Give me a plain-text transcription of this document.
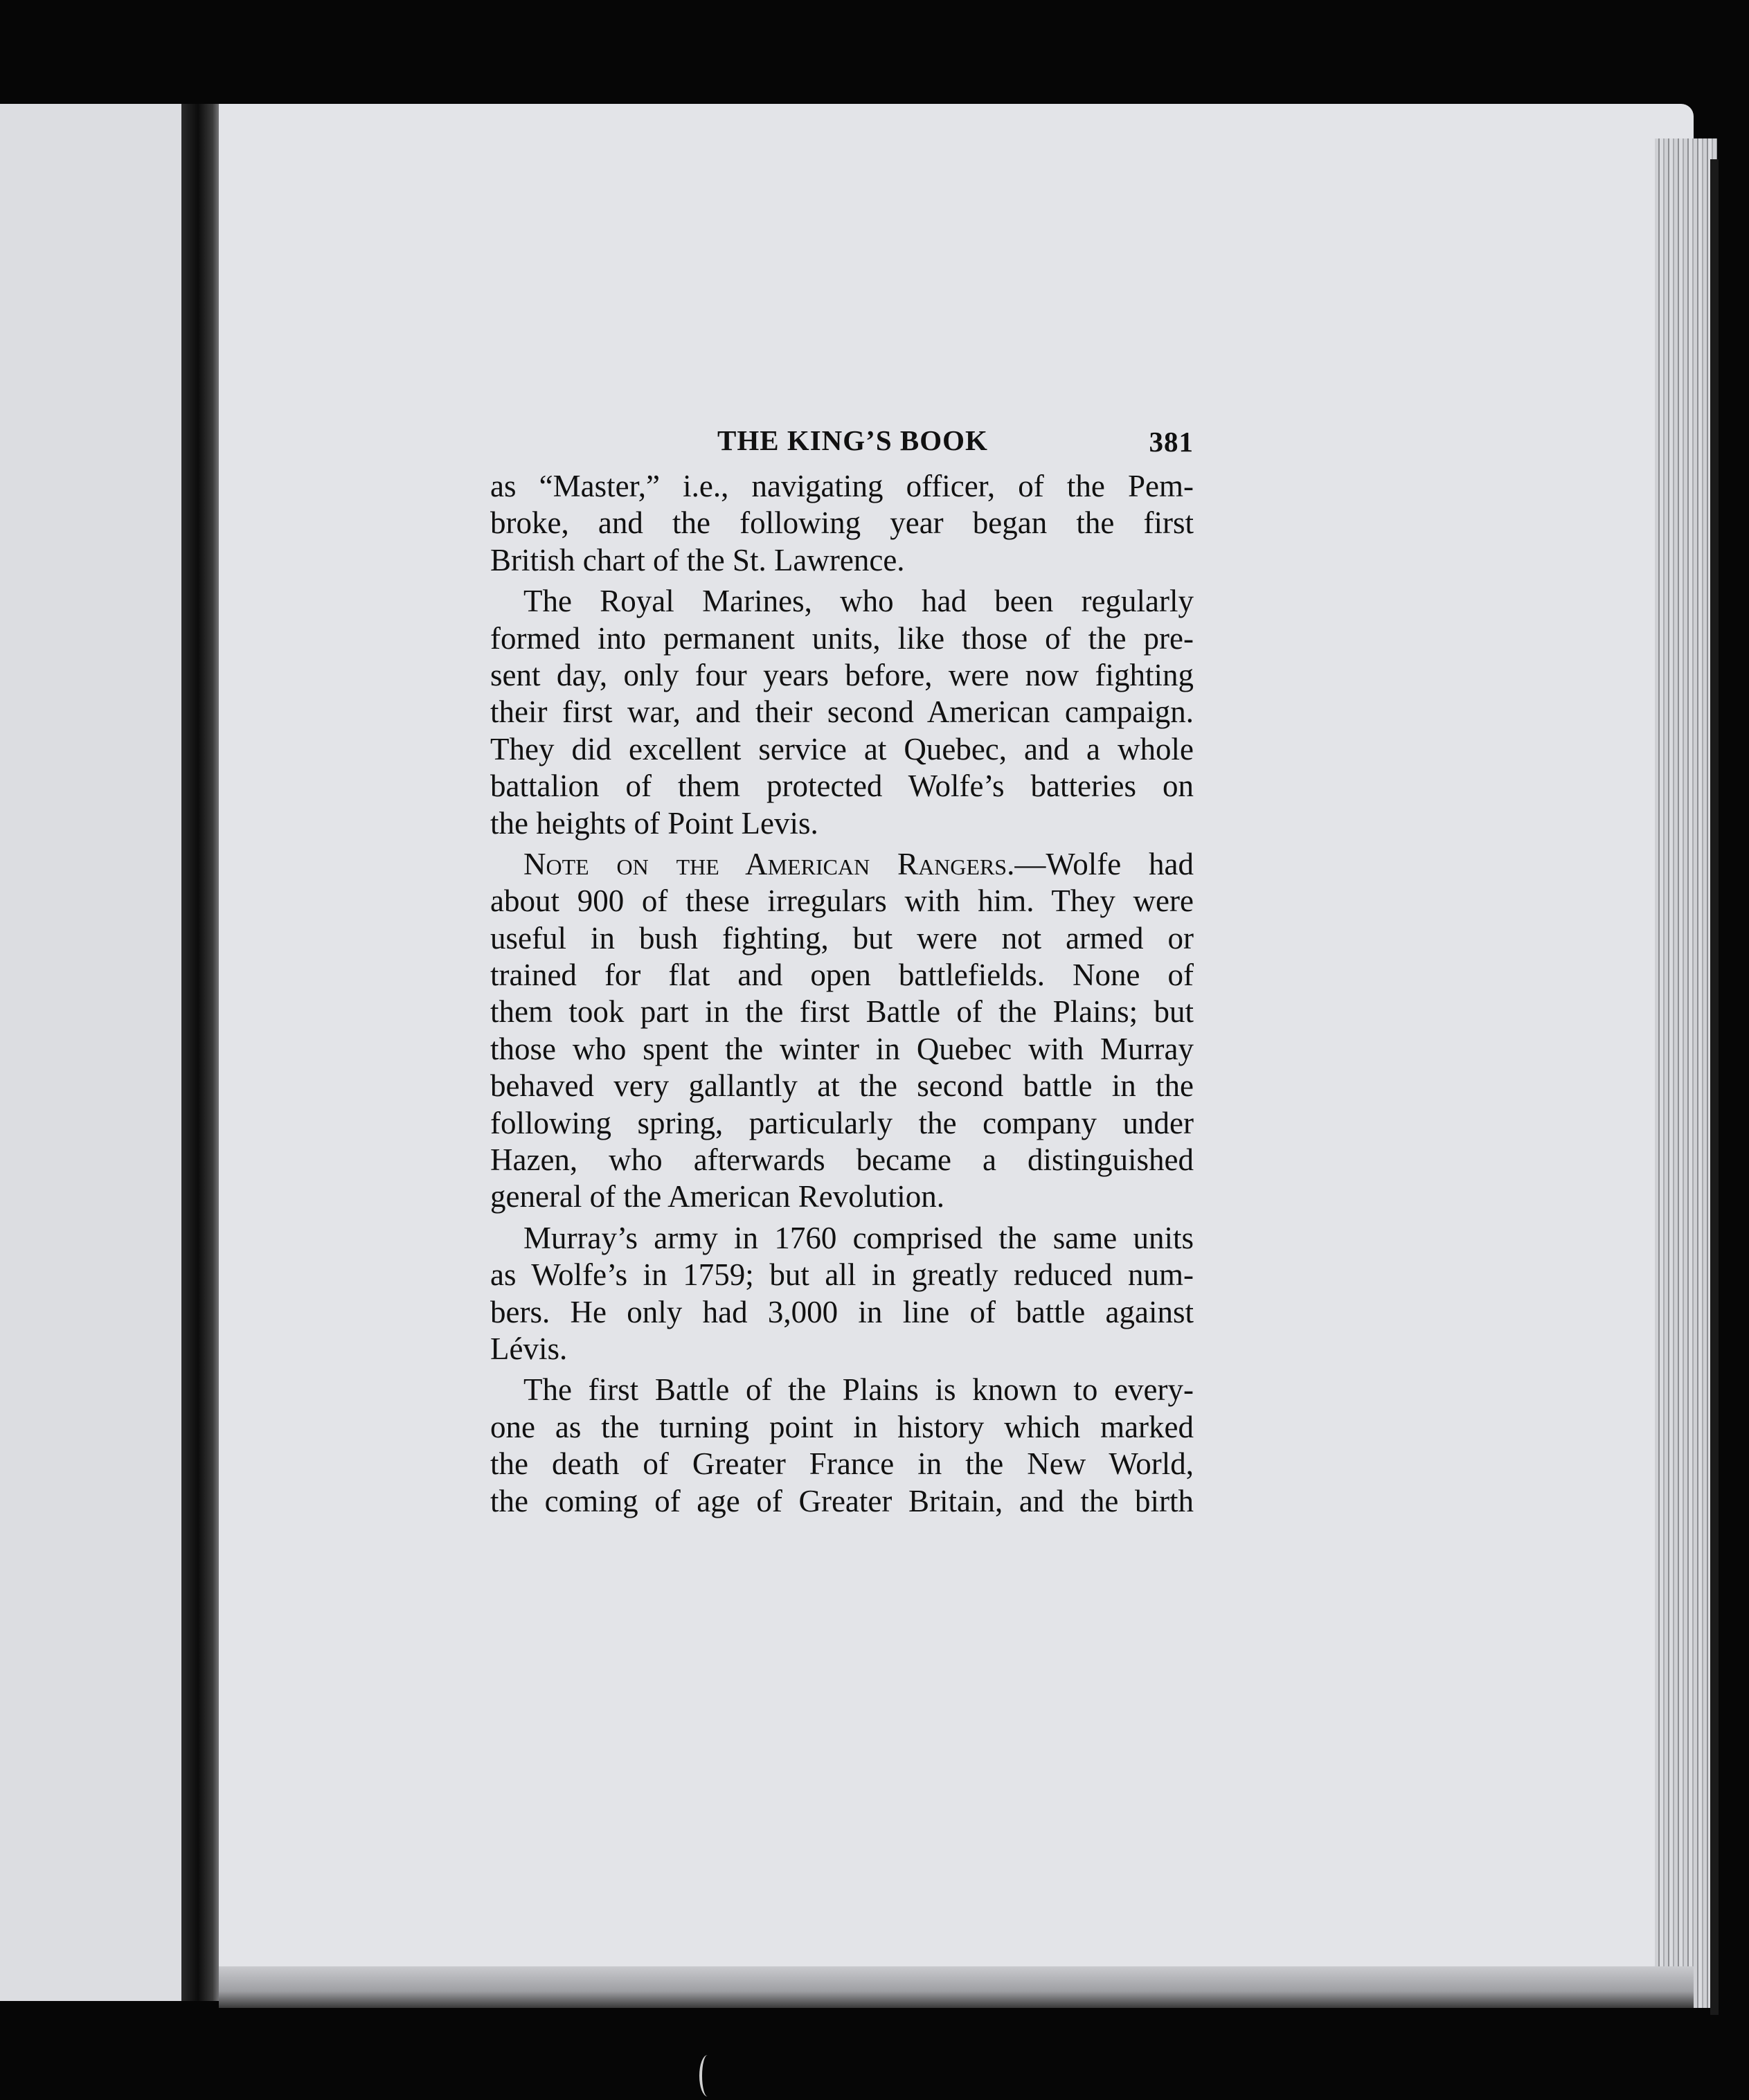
THE KING’S BOOK	381
as “Master,” i.e., navigating officer, of the Pem-
broke, and the following year began the first
British chart of the St. Lawrence.
The Royal Marines, who had been regularly
formed into permanent units, like those of the pre-
sent day, only four years before, were now fighting
their first war, and their second American campaign.
They did excellent service at Quebec, and a whole
battalion of them protected Wolfe’s batteries on
the heights of Point Levis.
Note on the American Rangers.—Wolfe had
about 900 of these irregulars with him. They were
useful in bush fighting, but were not armed or
trained for flat and open battlefields. None of
them took part in the first Battle of the Plains; but
those who spent the winter in Quebec with Murray
behaved very gallantly at the second battle in the
following spring, particularly the company under
Hazen, who afterwards became a distinguished
general of the American Revolution.
Murray’s army in 1760 comprised the same units
as Wolfe’s in 1759; but all in greatly reduced num-
bers. He only had 3,000 in line of battle against
Lévis.
The first Battle of the Plains is known to every-
one as the turning point in history which marked
the death of Greater France in the New World,
the coming of age of Greater Britain, and the birth
